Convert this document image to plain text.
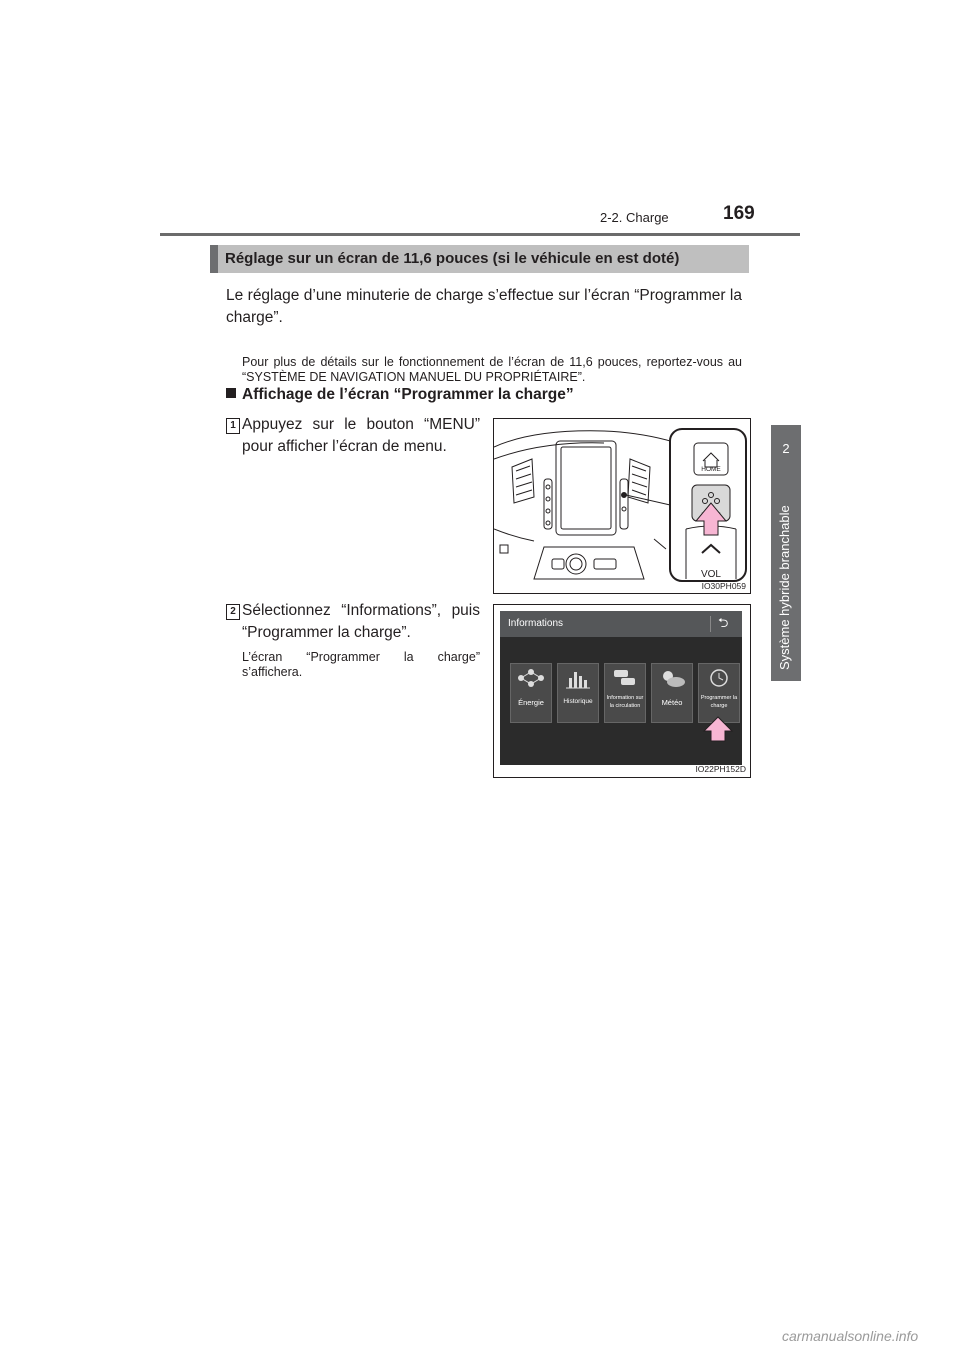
2-2. Charge	169
2
Système hybride branchable
Réglage sur un écran de 11,6 pouces (si le véhicule en est doté)
Le réglage d’une minuterie de charge s’effectue sur l’écran “Programmer la charge”.
Pour plus de détails sur le fonctionnement de l’écran de 11,6 pouces, reportez-vous au “SYSTÈME DE NAVIGATION MANUEL DU PROPRIÉTAIRE”.
Affichage de l’écran “Programmer la charge”
1 Appuyez sur le bouton “MENU” pour afficher l’écran de menu.
HOME
VOL
IO30PH059
2 Sélectionnez “Informations”, puis “Programmer la charge”.
L’écran “Programmer la charge” s’affichera.
Informations	⮌
Énergie	Historique	Information sur la circulation	Météo	Programmer la charge
IO22PH152D
carmanualsonline.info
